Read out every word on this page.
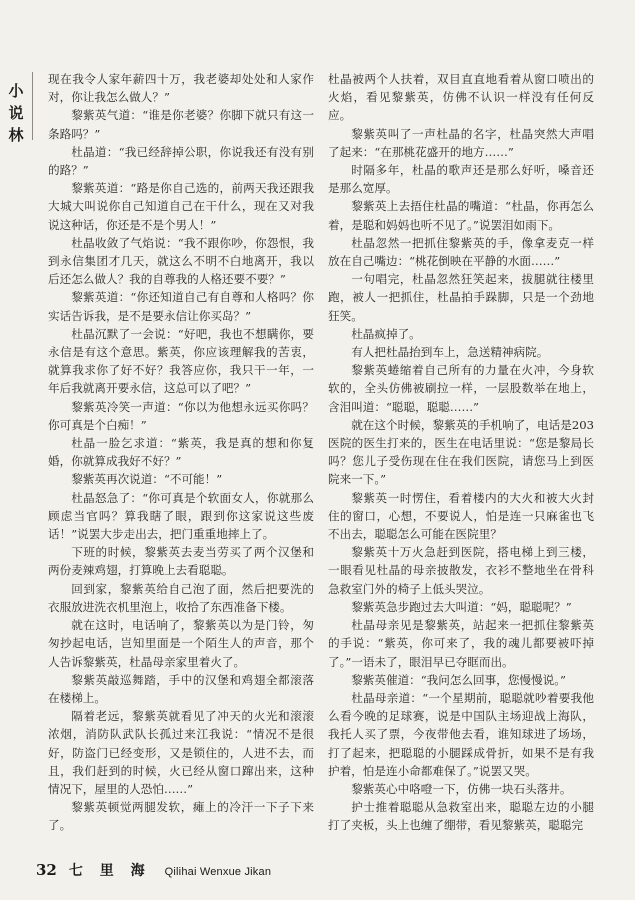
小
说
林

现在我令人家年薪四十万，我老婆却处处和人家作对，你让我怎么做人？”

黎紫英气道：“谁是你老婆？你脚下就只有这一条路吗？”

杜晶道：“我已经辞掉公职，你说我还有没有别的路？”

黎紫英道：“路是你自己选的，前两天我还跟我大城大叫说你自己知道自己在干什么，现在又对我说这种话，你还是不是个男人！”

杜晶收敛了气焰说：“我不跟你吵，你怨恨，我到永信集团才几天，就这么不明不白地离开，我以后还怎么做人？我的自尊我的人格还要不要？”

黎紫英道：“你还知道自己有自尊和人格吗？你实话告诉我，是不是要永信让你买岛？”

杜晶沉默了一会说：“好吧，我也不想瞒你，要永信是有这个意思。紫英，你应该理解我的苦衷，就算我求你了好不好？我答应你，我只干一年，一年后我就离开要永信，这总可以了吧？”

黎紫英冷笑一声道：“你以为他想永远买你吗？你可真是个白痴！”

杜晶一脸乞求道：“紫英，我是真的想和你复婚，你就算成我好不好？”

黎紫英再次说道：“不可能！”

杜晶怒急了：“你可真是个软面女人，你就那么顾虑当官吗？算我瞎了眼，跟到你这家说这些废话！”说罢大步走出去，把门重重地摔上了。

下班的时候，黎紫英去麦当劳买了两个汉堡和两份麦辣鸡翅，打算晚上去看聪聪。

回到家，黎紫英给自己泡了面，然后把要洗的衣服放进洗衣机里泡上，收拾了东西准备下楼。

就在这时，电话响了，黎紫英以为是门铃，匆匆抄起电话，岂知里面是一个陌生人的声音，那个人告诉黎紫英，杜晶母亲家里着火了。

黎紫英敲巡舞踏，手中的汉堡和鸡翅全都滚落在楼梯上。

隔着老远，黎紫英就看见了冲天的火光和滚滚浓烟，消防队武队长孤过来江我说：“情况不是很好，防盗门已经变形，又是锁住的，人进不去，而且，我们赶到的时候，火已经从窗口蹿出来，这种情况下，屋里的人恐怕……”

黎紫英顿觉两腿发软，瘫上的冷汗一下子下来了。

杜晶被两个人扶着，双目直直地看着从窗口喷出的火焰，看见黎紫英，仿佛不认识一样没有任何反应。

黎紫英叫了一声杜晶的名字，杜晶突然大声唱了起来：“在那桃花盛开的地方……”

时隔多年，杜晶的歌声还是那么好听，嗓音还是那么宽厚。

黎紫英上去捂住杜晶的嘴道：“杜晶，你再怎么着，是聪和妈妈也听不见了。”说罢泪如雨下。

杜晶忽然一把抓住黎紫英的手，像拿麦克一样放在自己嘴边：“桃花倒映在平静的水面……”

一句唱完，杜晶忽然狂笑起来，拔腿就往楼里跑，被人一把抓住，杜晶拍手跺脚，只是一个劲地狂笑。

杜晶疯掉了。

有人把杜晶抬到车上，急送精神病院。

黎紫英蜷缩着自己所有的力量在火冲，今身软软的，全头仿佛被刷拉一样，一层股数举在地上，含泪叫道：“聪聪，聪聪……”

就在这个时候，黎紫英的手机响了，电话是203医院的医生打来的，医生在电话里说：“您是黎局长吗？您儿子受伤现在住在我们医院，请您马上到医院来一下。”

黎紫英一时愣住，看着楼内的大火和被大火封住的窗口，心想，不要说人，怕是连一只麻雀也飞不出去，聪聪怎么可能在医院里？

黎紫英十万火急赶到医院，搭电梯上到三楼，一眼看见杜晶的母亲披散发，衣衫不整地坐在骨科急救室门外的椅子上低头哭泣。

黎紫英急步跑过去大叫道：“妈，聪聪呢？”

杜晶母亲见是黎紫英，站起来一把抓住黎紫英的手说：“紫英，你可来了，我的魂儿都要被吓掉了。”一语未了，眼泪早已夺眶而出。

黎紫英催道：“我问怎么回事，您慢慢说。”

杜晶母亲道：“一个星期前，聪聪就吵着要我他么看今晚的足球赛，说是中国队主场迎战上海队，我托人买了票，今夜带他去看，谁知球进了场场，打了起来，把聪聪的小腿踩成骨折，如果不是有我护着，怕是连小命都难保了。”说罢又哭。

黎紫英心中咯噔一下，仿佛一块石头落井。

护士推着聪聪从急救室出来，聪聪左边的小腿打了夹板，头上也缠了绷带，看见黎紫英，聪聪完

32 七 里 海 Qilihai Wenxue Jikan
